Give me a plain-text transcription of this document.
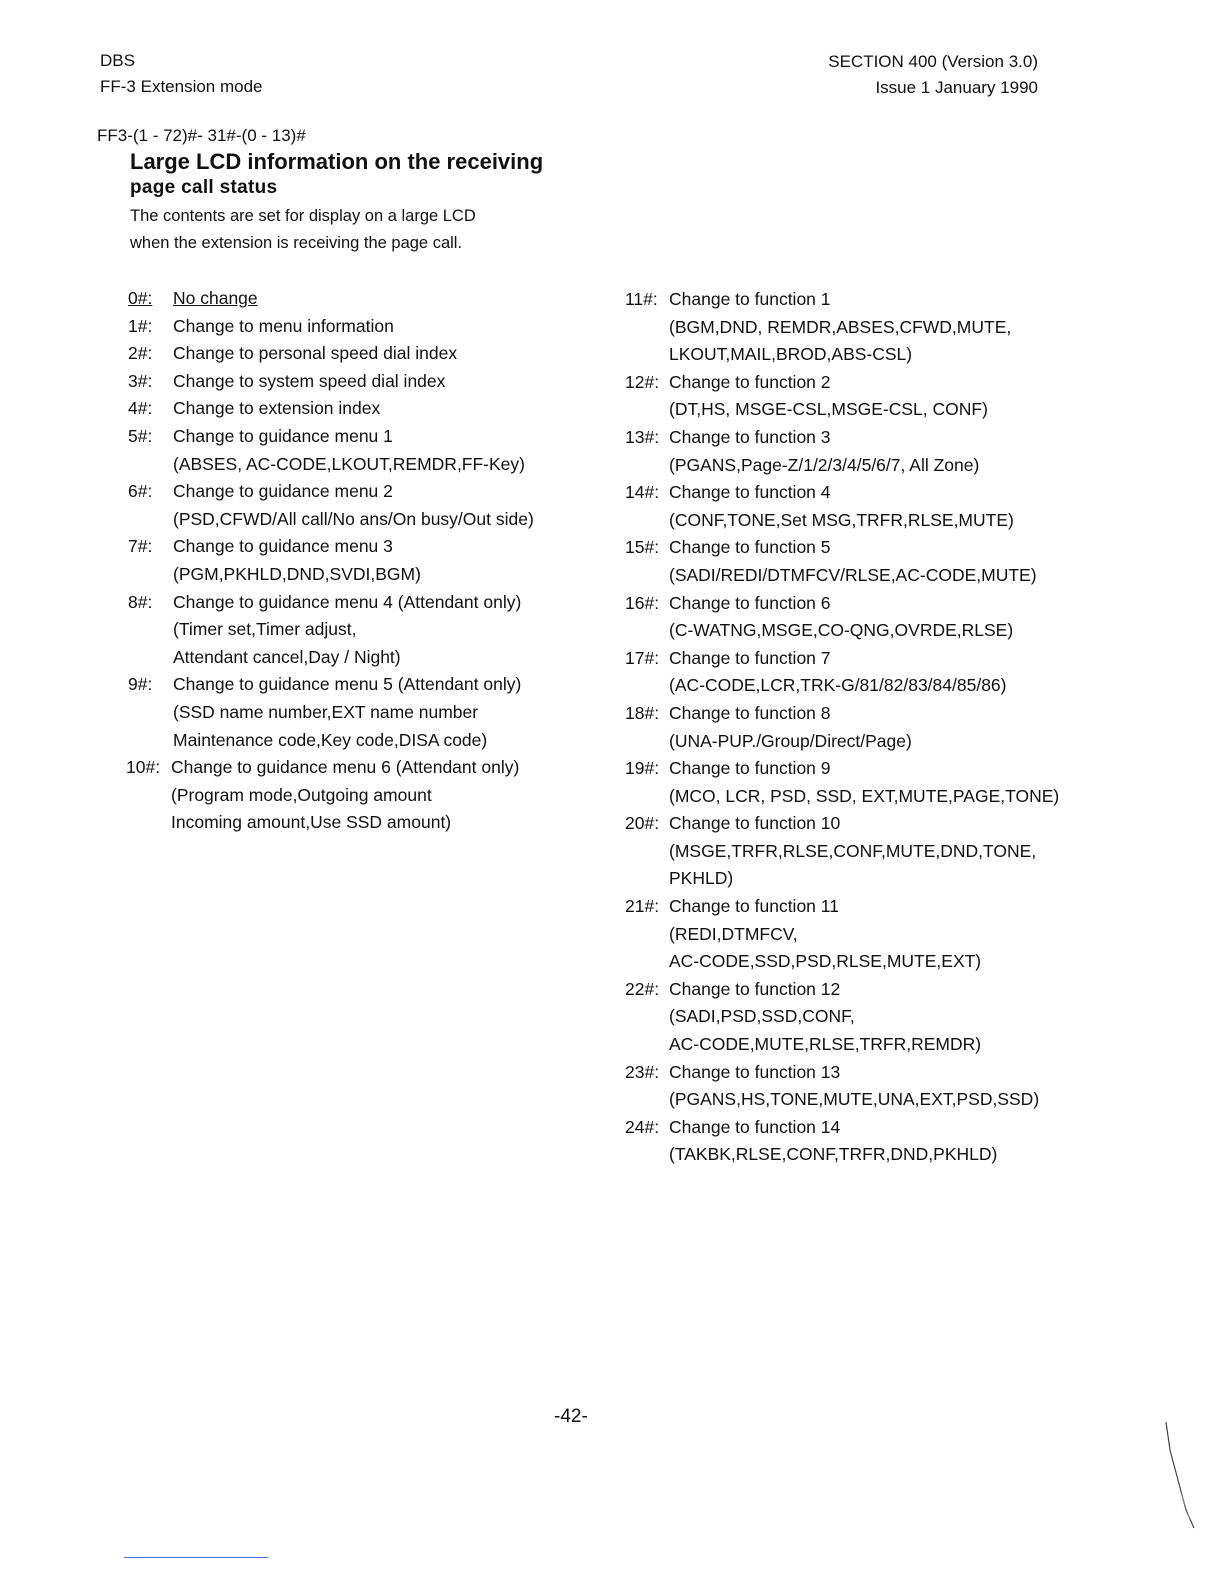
DBS
FF-3 Extension mode
SECTION 400 (Version 3.0)
Issue 1 January 1990
FF3-(1 - 72)#- 31#-(0 - 13)#
Large LCD information on the receiving
page call status
The contents are set for display on a large LCD
when the extension is receiving the page call.
0#: No change
1#: Change to menu information
2#: Change to personal speed dial index
3#: Change to system speed dial index
4#: Change to extension index
5#: Change to guidance menu 1
(ABSES, AC-CODE,LKOUT,REMDR,FF-Key)
6#: Change to guidance menu 2
(PSD,CFWD/All call/No ans/On busy/Out side)
7#: Change to guidance menu 3
(PGM,PKHLD,DND,SVDI,BGM)
8#: Change to guidance menu 4 (Attendant only)
(Timer set,Timer adjust,
Attendant cancel,Day / Night)
9#: Change to guidance menu 5 (Attendant only)
(SSD name number,EXT name number
Maintenance code,Key code,DISA code)
10#: Change to guidance menu 6 (Attendant only)
(Program mode,Outgoing amount
Incoming amount,Use SSD amount)
11#: Change to function 1
(BGM,DND, REMDR,ABSES,CFWD,MUTE,
LKOUT,MAIL,BROD,ABS-CSL)
12#: Change to function 2
(DT,HS, MSGE-CSL,MSGE-CSL, CONF)
13#: Change to function 3
(PGANS,Page-Z/1/2/3/4/5/6/7, All Zone)
14#: Change to function 4
(CONF,TONE,Set MSG,TRFR,RLSE,MUTE)
15#: Change to function 5
(SADI/REDI/DTMFCV/RLSE,AC-CODE,MUTE)
16#: Change to function 6
(C-WATNG,MSGE,CO-QNG,OVRDE,RLSE)
17#: Change to function 7
(AC-CODE,LCR,TRK-G/81/82/83/84/85/86)
18#: Change to function 8
(UNA-PUP./Group/Direct/Page)
19#: Change to function 9
(MCO, LCR, PSD, SSD, EXT,MUTE,PAGE,TONE)
20#: Change to function 10
(MSGE,TRFR,RLSE,CONF,MUTE,DND,TONE,
PKHLD)
21#: Change to function 11
(REDI,DTMFCV,
AC-CODE,SSD,PSD,RLSE,MUTE,EXT)
22#: Change to function 12
(SADI,PSD,SSD,CONF,
AC-CODE,MUTE,RLSE,TRFR,REMDR)
23#: Change to function 13
(PGANS,HS,TONE,MUTE,UNA,EXT,PSD,SSD)
24#: Change to function 14
(TAKBK,RLSE,CONF,TRFR,DND,PKHLD)
-42-
